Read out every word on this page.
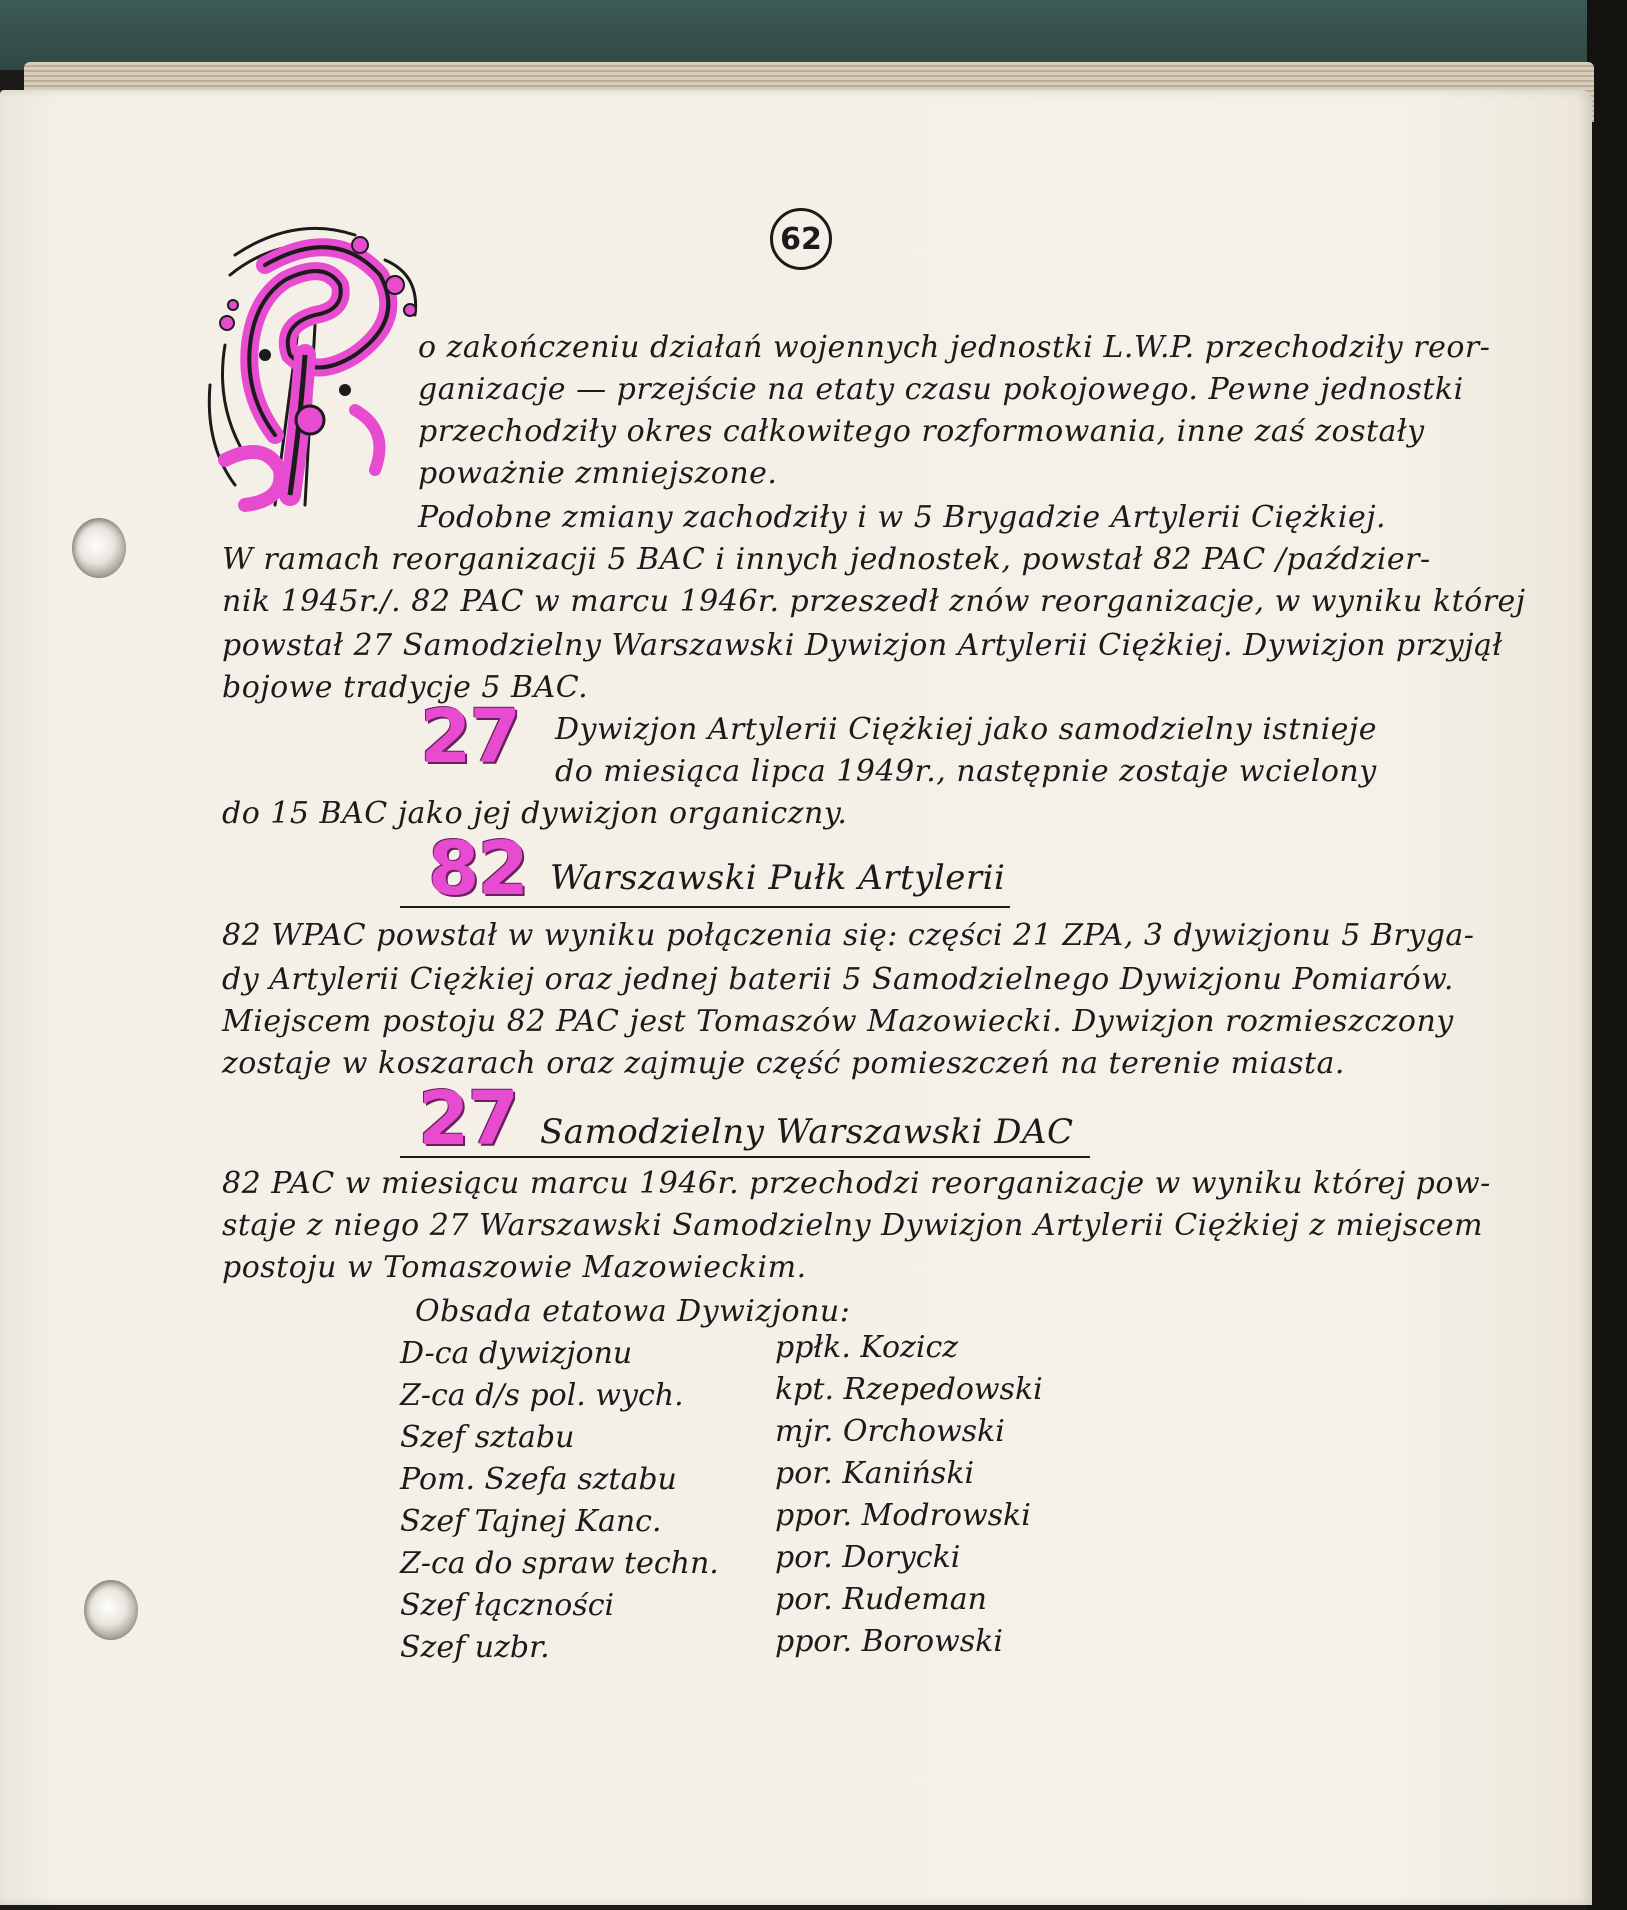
62

o zakończeniu działań wojennych jednostki L.W.P. przechodziły reor-

ganizacje — przejście na etaty czasu pokojowego. Pewne jednostki

przechodziły okres całkowitego rozformowania, inne zaś zostały

poważnie zmniejszone.

Podobne zmiany zachodziły i w 5 Brygadzie Artylerii Ciężkiej.

W ramach reorganizacji 5 BAC i innych jednostek, powstał 82 PAC /paździer-

nik 1945r./. 82 PAC w marcu 1946r. przeszedł znów reorganizacje, w wyniku której

powstał 27 Samodzielny Warszawski Dywizjon Artylerii Ciężkiej. Dywizjon przyjął

bojowe tradycje 5 BAC.

27 Dywizjon Artylerii Ciężkiej jako samodzielny istnieje

do miesiąca lipca 1949r., następnie zostaje wcielony

do 15 BAC jako jej dywizjon organiczny.

82 Warszawski Pułk Artylerii

82 WPAC powstał w wyniku połączenia się: części 21 ZPA, 3 dywizjonu 5 Bryga-

dy Artylerii Ciężkiej oraz jednej baterii 5 Samodzielnego Dywizjonu Pomiarów.

Miejscem postoju 82 PAC jest Tomaszów Mazowiecki. Dywizjon rozmieszczony

zostaje w koszarach oraz zajmuje część pomieszczeń na terenie miasta.

27 Samodzielny Warszawski DAC

82 PAC w miesiącu marcu 1946r. przechodzi reorganizacje w wyniku której pow-

staje z niego 27 Warszawski Samodzielny Dywizjon Artylerii Ciężkiej z miejscem

postoju w Tomaszowie Mazowieckim.

Obsada etatowa Dywizjonu:

D-ca dywizjonu	ppłk. Kozicz

Z-ca d/s pol. wych.	kpt. Rzepedowski

Szef sztabu	mjr. Orchowski

Pom. Szefa sztabu	por. Kaniński

Szef Tajnej Kanc.	ppor. Modrowski

Z-ca do spraw techn. por. Dorycki

Szef łączności	por. Rudeman

Szef uzbr.	ppor. Borowski
